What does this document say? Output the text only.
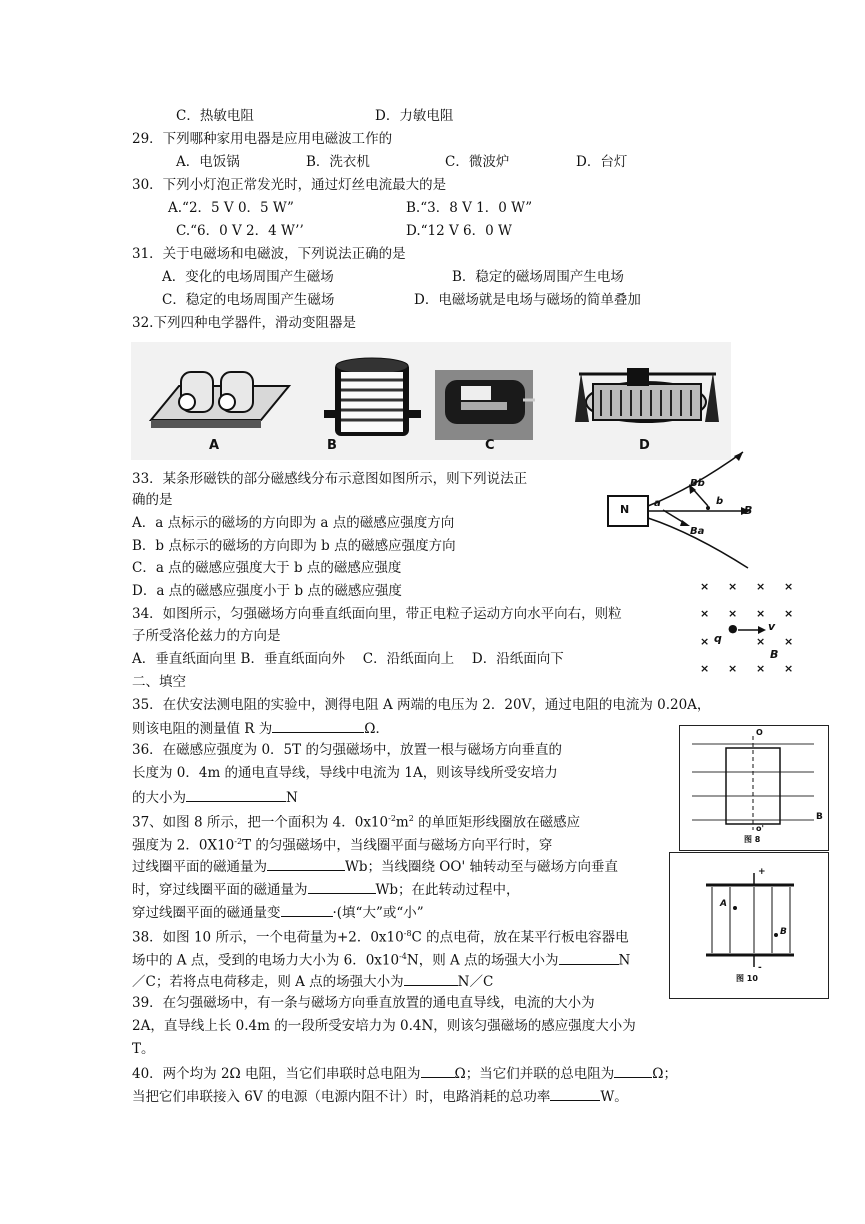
C．热敏电阻	D．力敏电阻
29．下列哪种家用电器是应用电磁波工作的
A．电饭锅	B．洗衣机	C．微波炉	D．台灯
30．下列小灯泡正常发光时，通过灯丝电流最大的是
A.“2．5 V 0．5 W”	B.“3．8 V 1．0 W”
C.“6．0 V 2．4 W’’	D.“12 V 6．0 W
31．关于电磁场和电磁波，下列说法正确的是
A．变化的电场周围产生磁场	B．稳定的磁场周围产生电场
C．稳定的电场周围产生磁场	D．电磁场就是电场与磁场的简单叠加
32.下列四种电学器件，滑动变阻器是
A	B	C	D
33．某条形磁铁的部分磁感线分布示意图如图所示，则下列说法正
确的是
A．a 点标示的磁场的方向即为 a 点的磁感应强度方向
B．b 点标示的磁场的方向即为 b 点的磁感应强度方向
C．a 点的磁感应强度大于 b 点的磁感应强度
D．a 点的磁感应强度小于 b 点的磁感应强度
N a	b
Bb
Ba
B
34．如图所示，匀强磁场方向垂直纸面向里，带正电粒子运动方向水平向右，则粒
子所受洛伦兹力的方向是
A．垂直纸面向里 B．垂直纸面向外　 C．沿纸面向上　 D．沿纸面向下
× × × ×
× × × ×
●
q
v
×	× ×
B
× × × ×
二、填空
35．在伏安法测电阻的实验中，测得电阻 A 两端的电压为 2．20V，通过电阻的电流为 0.20A，
则该电阻的测量值 R 为	Ω．
36．在磁感应强度为 0．5T 的匀强磁场中，放置一根与磁场方向垂直的
长度为 0．4m 的通电直导线，导线中电流为 1A，则该导线所受安培力
的大小为	N
O
o'
B
图 8
37、如图 8 所示，把一个面积为 4．$0x10^{-2}m^2$ 的单匝矩形线圈放在磁感应
强度为 2．$0X10^{-2}T$ 的匀强磁场中，当线圈平面与磁场方向平行时，穿
过线圈平面的磁通量为	Wb；当线圈绕 OO' 轴转动至与磁场方向垂直
时，穿过线圈平面的磁通量为	Wb；在此转动过程中，
穿过线圈平面的磁通量变	·(填“大”或“小”
+
-
A
B
图 10
38．如图 10 所示，一个电荷量为+2．$0x10^{-8}C$ 的点电荷，放在某平行板电容器电
场中的 A 点，受到的电场力大小为 6．$0x10^{-4}N$，则 A 点的场强大小为	N
／C；若将点电荷移走，则 A 点的场强大小为	N／C
39．在匀强磁场中，有一条与磁场方向垂直放置的通电直导线，电流的大小为
2A，直导线上长 0.4m 的一段所受安培力为 0.4N，则该匀强磁场的感应强度大小为
T。
40．两个均为 2Ω 电阻，当它们串联时总电阻为	Ω；当它们并联的总电阻为	Ω；
当把它们串联接入 6V 的电源（电源内阻不计）时，电路消耗的总功率	W。
